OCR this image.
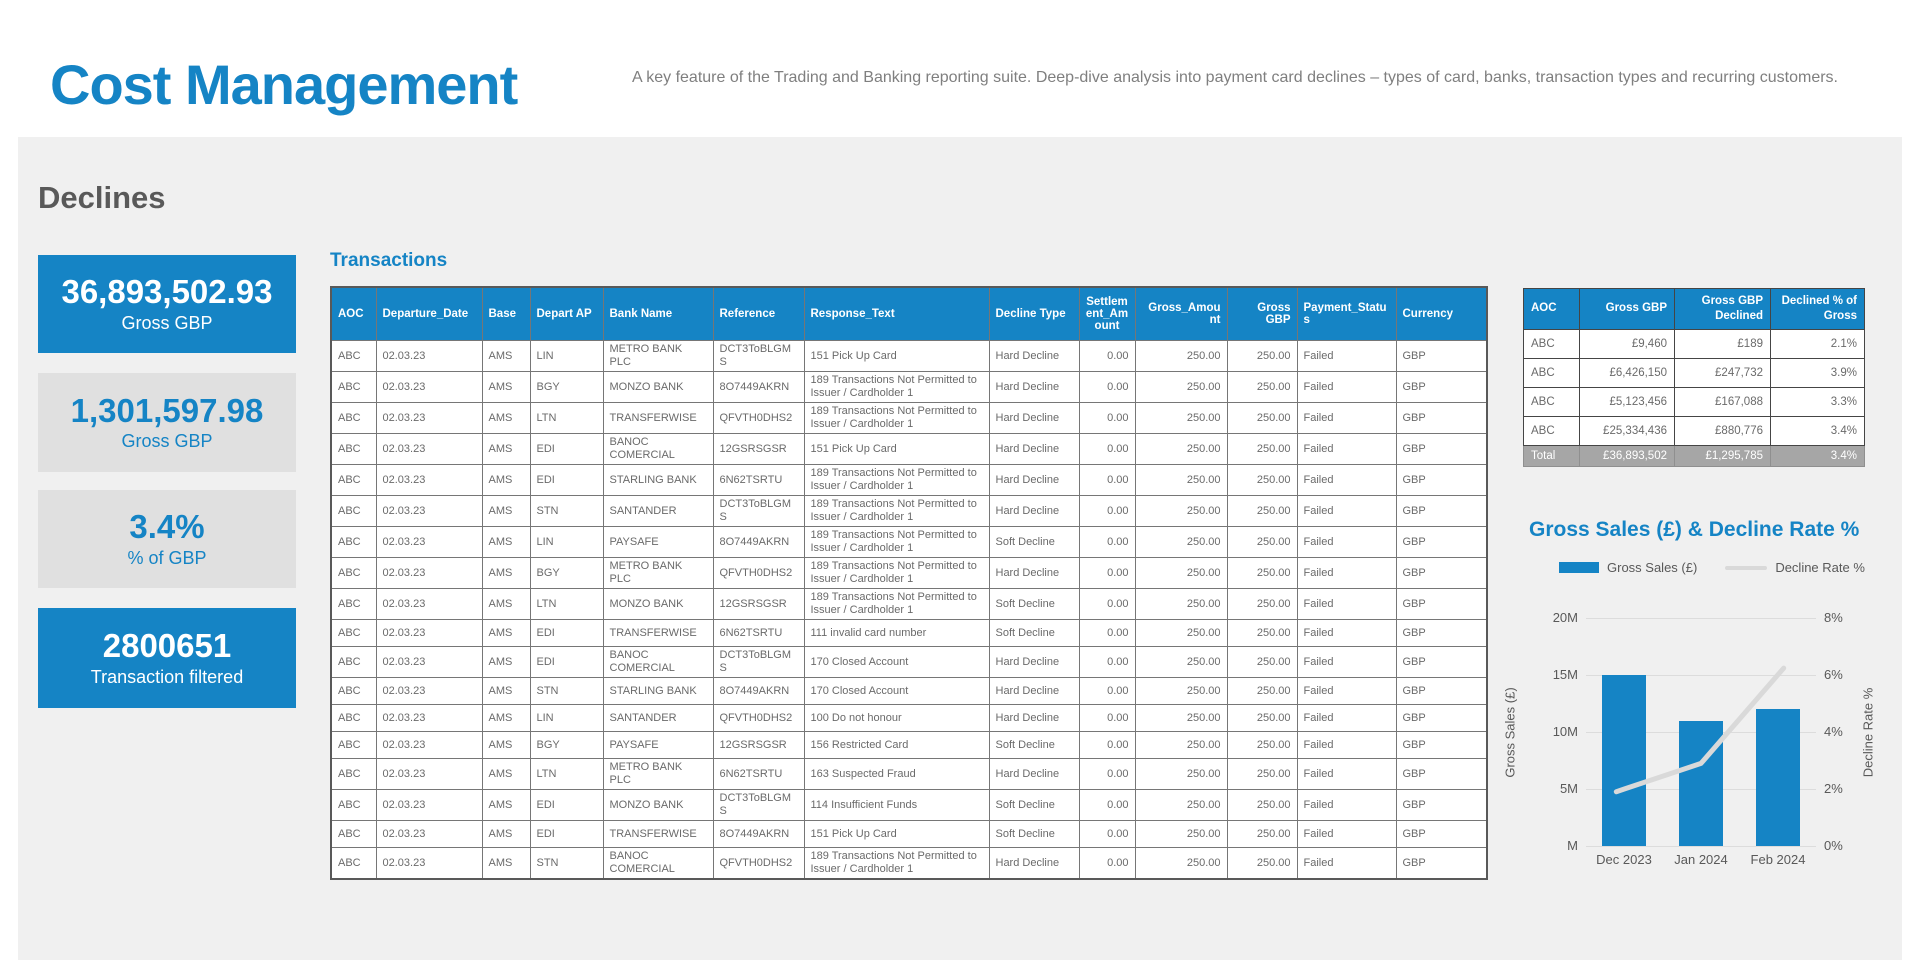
Cost Management	A key feature of the Trading and Banking reporting suite. Deep-dive analysis into payment card declines – types of card, banks, transaction types and recurring customers.
Declines
36,893,502.93
Gross GBP
1,301,597.98
Gross GBP
3.4%
% of GBP
2800651
Transaction filtered
Transactions
AOC	Departure_Date	Base	Depart AP	Bank Name	Reference	Response_Text	Decline Type	Settlement_Amount	Gross_Amount	Gross GBP	Payment_Status	Currency
ABC	02.03.23	AMS	LIN	METRO BANK PLC	DCT3ToBLGMS	151 Pick Up Card	Hard Decline	0.00	250.00	250.00	Failed	GBP
ABC	02.03.23	AMS	BGY	MONZO BANK	8O7449AKRN	189 Transactions Not Permitted to Issuer / Cardholder 1	Hard Decline	0.00	250.00	250.00	Failed	GBP
ABC	02.03.23	AMS	LTN	TRANSFERWISE	QFVTH0DHS2	189 Transactions Not Permitted to Issuer / Cardholder 1	Hard Decline	0.00	250.00	250.00	Failed	GBP
ABC	02.03.23	AMS	EDI	BANOC COMERCIAL	12GSRSGSR	151 Pick Up Card	Hard Decline	0.00	250.00	250.00	Failed	GBP
ABC	02.03.23	AMS	EDI	STARLING BANK	6N62TSRTU	189 Transactions Not Permitted to Issuer / Cardholder 1	Hard Decline	0.00	250.00	250.00	Failed	GBP
ABC	02.03.23	AMS	STN	SANTANDER	DCT3ToBLGMS	189 Transactions Not Permitted to Issuer / Cardholder 1	Hard Decline	0.00	250.00	250.00	Failed	GBP
ABC	02.03.23	AMS	LIN	PAYSAFE	8O7449AKRN	189 Transactions Not Permitted to Issuer / Cardholder 1	Soft Decline	0.00	250.00	250.00	Failed	GBP
ABC	02.03.23	AMS	BGY	METRO BANK PLC	QFVTH0DHS2	189 Transactions Not Permitted to Issuer / Cardholder 1	Hard Decline	0.00	250.00	250.00	Failed	GBP
ABC	02.03.23	AMS	LTN	MONZO BANK	12GSRSGSR	189 Transactions Not Permitted to Issuer / Cardholder 1	Soft Decline	0.00	250.00	250.00	Failed	GBP
ABC	02.03.23	AMS	EDI	TRANSFERWISE	6N62TSRTU	111 invalid card number	Soft Decline	0.00	250.00	250.00	Failed	GBP
ABC	02.03.23	AMS	EDI	BANOC COMERCIAL	DCT3ToBLGMS	170 Closed Account	Hard Decline	0.00	250.00	250.00	Failed	GBP
ABC	02.03.23	AMS	STN	STARLING BANK	8O7449AKRN	170 Closed Account	Hard Decline	0.00	250.00	250.00	Failed	GBP
ABC	02.03.23	AMS	LIN	SANTANDER	QFVTH0DHS2	100 Do not honour	Hard Decline	0.00	250.00	250.00	Failed	GBP
ABC	02.03.23	AMS	BGY	PAYSAFE	12GSRSGSR	156 Restricted Card	Soft Decline	0.00	250.00	250.00	Failed	GBP
ABC	02.03.23	AMS	LTN	METRO BANK PLC	6N62TSRTU	163 Suspected Fraud	Hard Decline	0.00	250.00	250.00	Failed	GBP
ABC	02.03.23	AMS	EDI	MONZO BANK	DCT3ToBLGMS	114 Insufficient Funds	Soft Decline	0.00	250.00	250.00	Failed	GBP
ABC	02.03.23	AMS	EDI	TRANSFERWISE	8O7449AKRN	151 Pick Up Card	Soft Decline	0.00	250.00	250.00	Failed	GBP
ABC	02.03.23	AMS	STN	BANOC COMERCIAL	QFVTH0DHS2	189 Transactions Not Permitted to Issuer / Cardholder 1	Hard Decline	0.00	250.00	250.00	Failed	GBP
AOC	Gross GBP	Gross GBP Declined	Declined % of Gross
ABC	£9,460	£189	2.1%
ABC	£6,426,150	£247,732	3.9%
ABC	£5,123,456	£167,088	3.3%
ABC	£25,334,436	£880,776	3.4%
Total	£36,893,502	£1,295,785	3.4%
Gross Sales (£) & Decline Rate %
Gross Sales (£)	Decline Rate %
Gross Sales (£)	Decline Rate %
20M
15M
10M
5M
M
8%
6%
4%
2%
0%
Dec 2023	Jan 2024	Feb 2024
